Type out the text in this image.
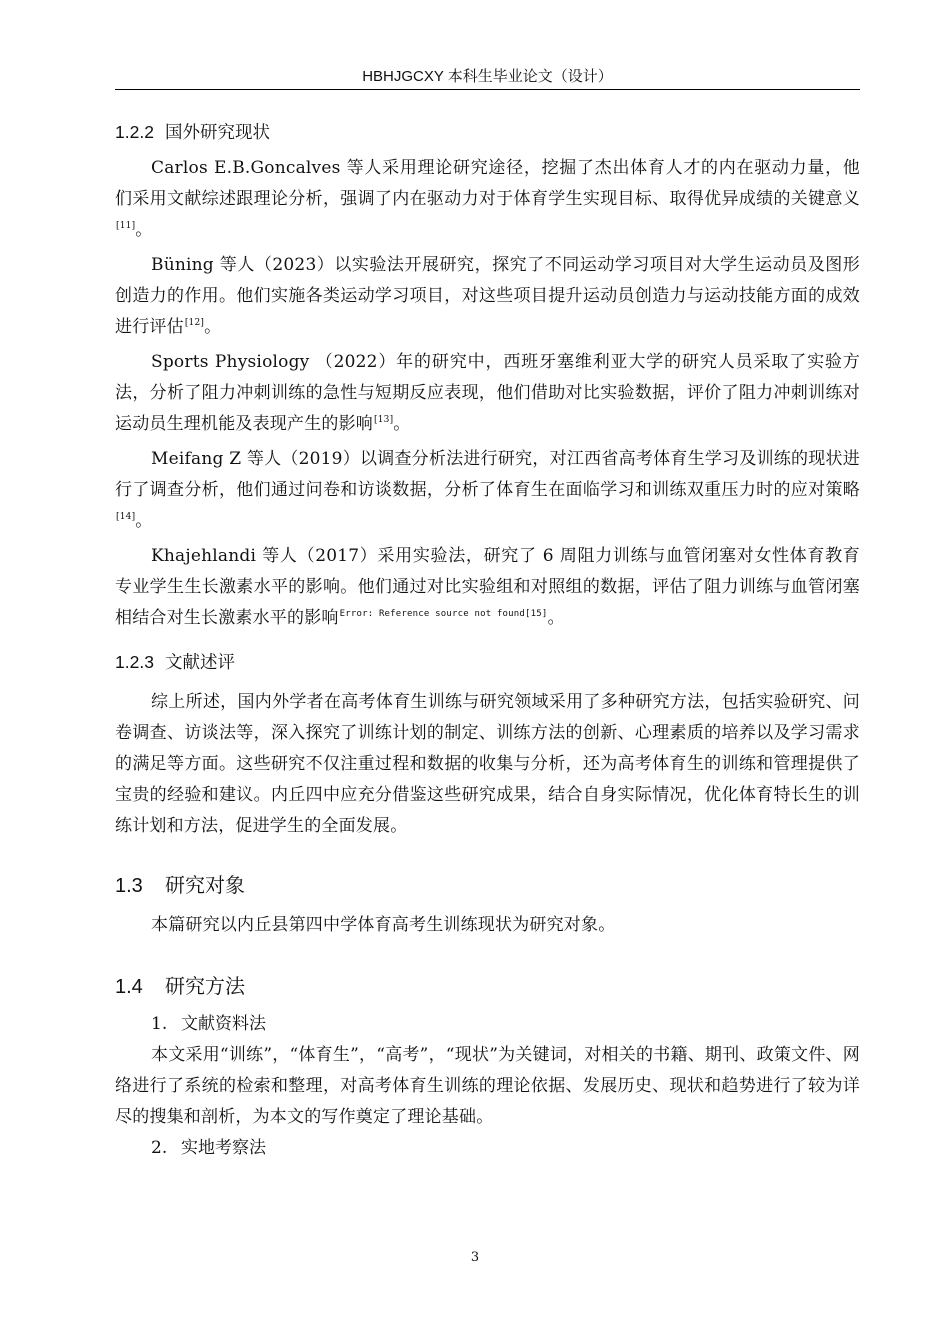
HBHJGCXY 本科生毕业论文（设计）
1.2.2 国外研究现状

Carlos E.B.Goncalves 等人采用理论研究途径，挖掘了杰出体育人才的内在驱动力量，他们采用文献综述跟理论分析，强调了内在驱动力对于体育学生实现目标、取得优异成绩的关键意义[11]。

Büning 等人（2023）以实验法开展研究，探究了不同运动学习项目对大学生运动员及图形创造力的作用。他们实施各类运动学习项目，对这些项目提升运动员创造力与运动技能方面的成效进行评估[12]。

Sports Physiology （2022）年的研究中，西班牙塞维利亚大学的研究人员采取了实验方法，分析了阻力冲刺训练的急性与短期反应表现，他们借助对比实验数据，评价了阻力冲刺训练对运动员生理机能及表现产生的影响[13]。

Meifang Z 等人（2019）以调查分析法进行研究，对江西省高考体育生学习及训练的现状进行了调查分析，他们通过问卷和访谈数据，分析了体育生在面临学习和训练双重压力时的应对策略[14]。

Khajehlandi 等人（2017）采用实验法，研究了 6 周阻力训练与血管闭塞对女性体育教育专业学生生长激素水平的影响。他们通过对比实验组和对照组的数据，评估了阻力训练与血管闭塞相结合对生长激素水平的影响$^{Error: Reference source not found[15]}$。

1.2.3 文献述评

综上所述，国内外学者在高考体育生训练与研究领域采用了多种研究方法，包括实验研究、问卷调查、访谈法等，深入探究了训练计划的制定、训练方法的创新、心理素质的培养以及学习需求的满足等方面。这些研究不仅注重过程和数据的收集与分析，还为高考体育生的训练和管理提供了宝贵的经验和建议。内丘四中应充分借鉴这些研究成果，结合自身实际情况，优化体育特长生的训练计划和方法，促进学生的全面发展。

1.3 研究对象

本篇研究以内丘县第四中学体育高考生训练现状为研究对象。

1.4 研究方法
1. 文献资料法

本文采用“训练”，“体育生”，“高考”，“现状”为关键词，对相关的书籍、期刊、政策文件、网络进行了系统的检索和整理，对高考体育生训练的理论依据、发展历史、现状和趋势进行了较为详尽的搜集和剖析，为本文的写作奠定了理论基础。

2. 实地考察法
3
